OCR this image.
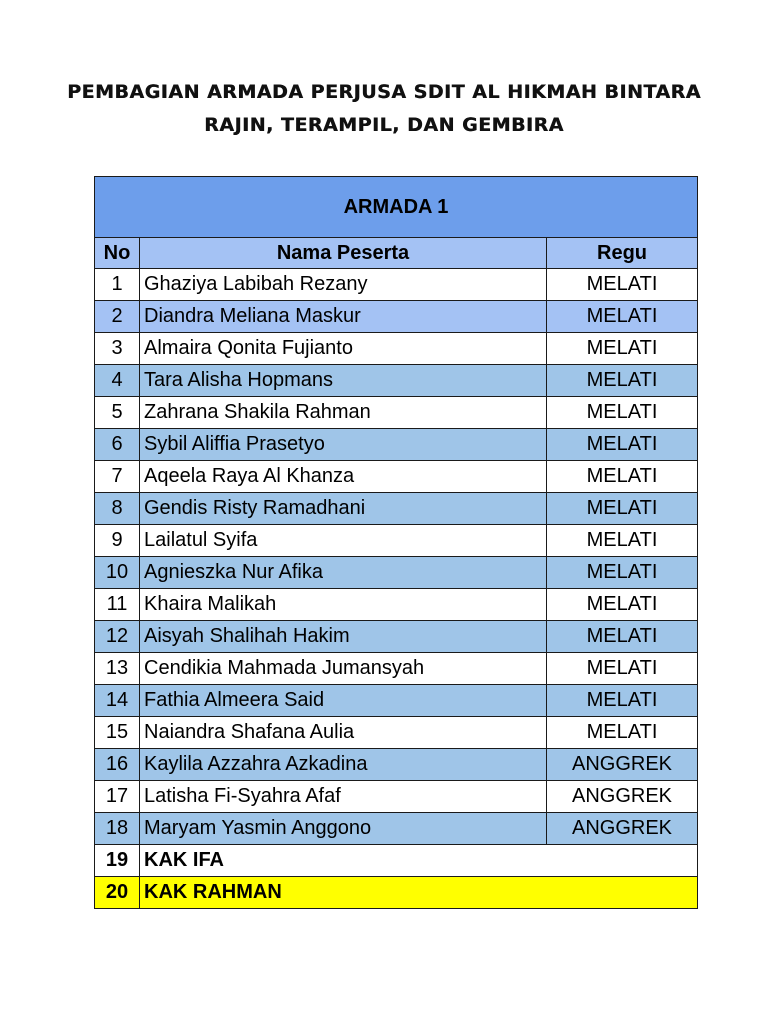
PEMBAGIAN ARMADA PERJUSA SDIT AL HIKMAH BINTARA
RAJIN, TERAMPIL, DAN GEMBIRA
ARMADA 1		
No	Nama Peserta	Regu
1	Ghaziya Labibah Rezany	MELATI
2	Diandra Meliana Maskur	MELATI
3	Almaira Qonita Fujianto	MELATI
4	Tara Alisha Hopmans	MELATI
5	Zahrana Shakila Rahman	MELATI
6	Sybil Aliffia Prasetyo	MELATI
7	Aqeela Raya Al Khanza	MELATI
8	Gendis Risty Ramadhani	MELATI
9	Lailatul Syifa	MELATI
10	Agnieszka Nur Afika	MELATI
11	Khaira Malikah	MELATI
12	Aisyah Shalihah Hakim	MELATI
13	Cendikia Mahmada Jumansyah	MELATI
14	Fathia Almeera Said	MELATI
15	Naiandra Shafana Aulia	MELATI
16	Kaylila Azzahra Azkadina	ANGGREK
17	Latisha Fi-Syahra Afaf	ANGGREK
18	Maryam Yasmin Anggono	ANGGREK
19	KAK IFA	
20	KAK RAHMAN	
